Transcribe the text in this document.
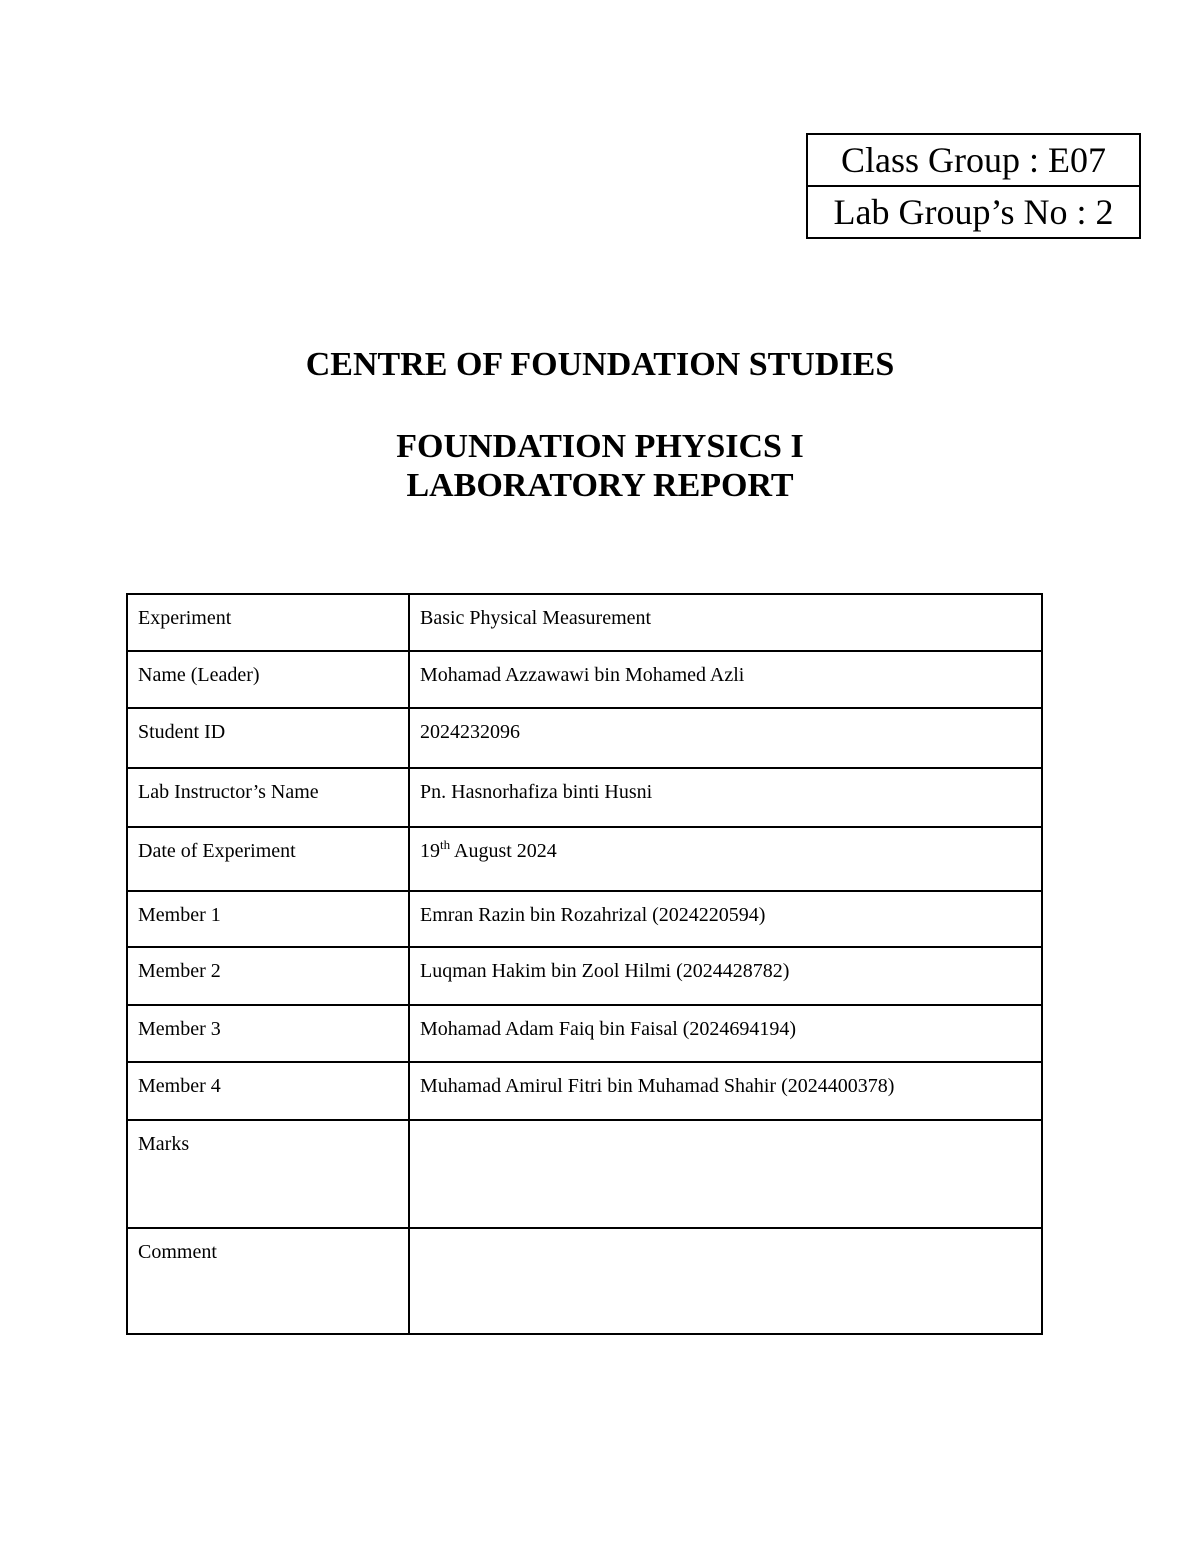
Class Group : E07
Lab Group’s No : 2
CENTRE OF FOUNDATION STUDIES
FOUNDATION PHYSICS I
LABORATORY REPORT
Experiment	Basic Physical Measurement
Name (Leader)	Mohamad Azzawawi bin Mohamed Azli
Student ID	2024232096
Lab Instructor’s Name	Pn. Hasnorhafiza binti Husni
Date of Experiment	19th August 2024
Member 1	Emran Razin bin Rozahrizal (2024220594)
Member 2	Luqman Hakim bin Zool Hilmi (2024428782)
Member 3	Mohamad Adam Faiq bin Faisal (2024694194)
Member 4	Muhamad Amirul Fitri bin Muhamad Shahir (2024400378)
Marks	
Comment	
